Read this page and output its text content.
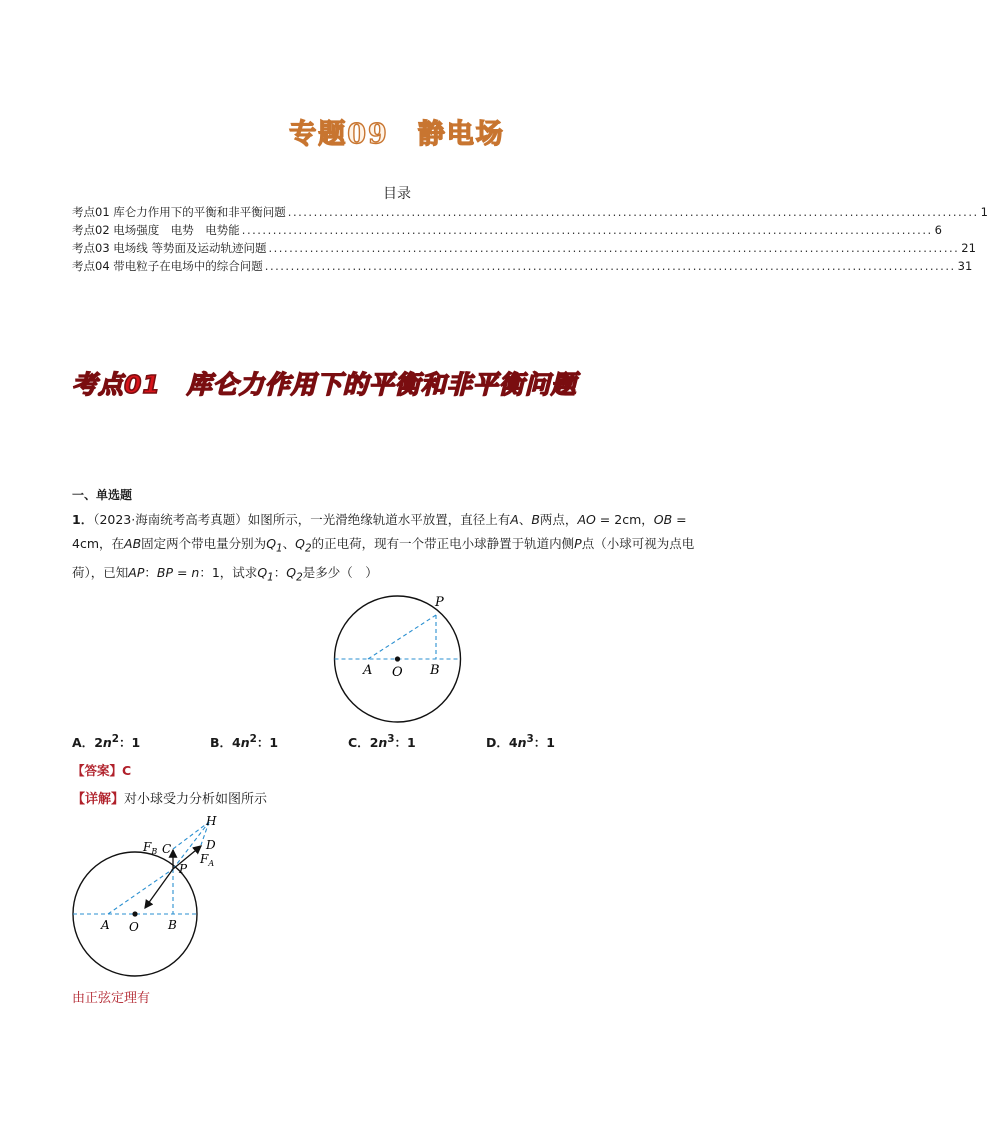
专题09　静电场
目录
考点01 库仑力作用下的平衡和非平衡问题 ...................................................................................................................................... 1
考点02 电场强度　电势　电势能 ...................................................................................................................................... 6
考点03 电场线 等势面及运动轨迹问题 ...................................................................................................................................... 21
考点04 带电粒子在电场中的综合问题 ...................................................................................................................................... 31
考点01　库仑力作用下的平衡和非平衡问题
一、单选题
1．（2023·海南统考高考真题）如图所示，一光滑绝缘轨道水平放置，直径上有A、B两点，AO = 2cm，OB = 4cm，在AB固定两个带电量分别为$Q_1$、$Q_2$的正电荷，现有一个带正电小球静置于轨道内侧P点（小球可视为点电荷），已知AP：BP = n：1，试求$Q_1$：$Q_2$是多少（　）
P
A O B
A．$2n^2$：1	B．$4n^2$：1	C．$2n^3$：1	D．$4n^3$：1
【答案】C
【详解】对小球受力分析如图所示
H
$F_B$ C	D
$F_A$
P
A O B
由正弦定理有
